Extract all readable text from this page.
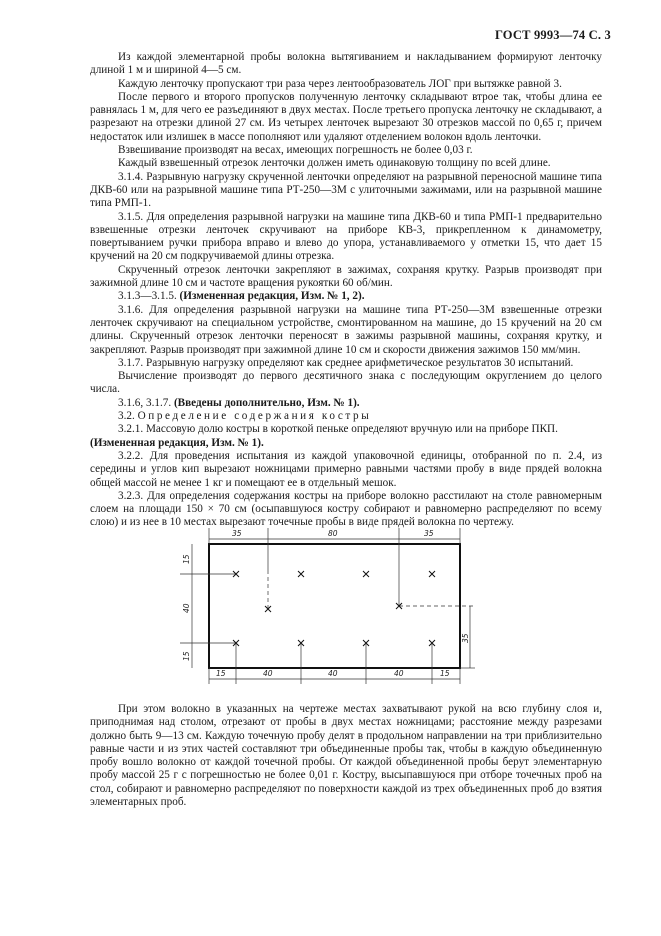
ГОСТ 9993—74 С. 3

Из каждой элементарной пробы волокна вытягиванием и накладыванием формируют ленточку длиной 1 м и шириной 4—5 см.

Каждую ленточку пропускают три раза через лентообразователь ЛОГ при вытяжке равной 3.

После первого и второго пропусков полученную ленточку складывают втрое так, чтобы длина ее равнялась 1 м, для чего ее разъединяют в двух местах. После третьего пропуска ленточку не складывают, а разрезают на отрезки длиной 27 см. Из четырех ленточек вырезают 30 отрезков массой по 0,65 г, причем недостаток или излишек в массе пополняют или удаляют отделением волокон вдоль ленточки.

Взвешивание производят на весах, имеющих погрешность не более 0,03 г.

Каждый взвешенный отрезок ленточки должен иметь одинаковую толщину по всей длине.

3.1.4. Разрывную нагрузку скрученной ленточки определяют на разрывной переносной машине типа ДКВ-60 или на разрывной машине типа РТ-250—3М с улиточными зажимами, или на разрывной машине типа РМП-1.

3.1.5. Для определения разрывной нагрузки на машине типа ДКВ-60 и типа РМП-1 предварительно взвешенные отрезки ленточек скручивают на приборе КВ-3, прикрепленном к динамометру, повертыванием ручки прибора вправо и влево до упора, устанавливаемого у отметки 15, что дает 15 кручений на 20 см подкручиваемой длины отрезка.

Скрученный отрезок ленточки закрепляют в зажимах, сохраняя крутку. Разрыв производят при зажимной длине 10 см и частоте вращения рукоятки 60 об/мин.

3.1.3—3.1.5. (Измененная редакция, Изм. № 1, 2).

3.1.6. Для определения разрывной нагрузки на машине типа РТ-250—3М взвешенные отрезки ленточек скручивают на специальном устройстве, смонтированном на машине, до 15 кручений на 20 см длины. Скрученный отрезок ленточки переносят в зажимы разрывной машины, сохраняя крутку, и закрепляют. Разрыв производят при зажимной длине 10 см и скорости движения зажимов 150 мм/мин.

3.1.7. Разрывную нагрузку определяют как среднее арифметическое результатов 30 испытаний.

Вычисление производят до первого десятичного знака с последующим округлением до целого числа.

3.1.6, 3.1.7. (Введены дополнительно, Изм. № 1).

3.2. Определение содержания костры

3.2.1. Массовую долю костры в короткой пеньке определяют вручную или на приборе ПКП.
(Измененная редакция, Изм. № 1).

3.2.2. Для проведения испытания из каждой упаковочной единицы, отобранной по п. 2.4, из середины и углов кип вырезают ножницами примерно равными частями пробу в виде прядей волокна общей массой не менее 1 кг и помещают ее в отдельный мешок.

3.2.3. Для определения содержания костры на приборе волокно расстилают на столе равномерным слоем на площади 150 × 70 см (осыпавшуюся костру собирают и равномерно распределяют по всему слою) и из нее в 10 местах вырезают точечные пробы в виде прядей волокна по чертежу.

35	80	35
15
40
15
35
15	40	40	40	15

При этом волокно в указанных на чертеже местах захватывают рукой на всю глубину слоя и, приподнимая над столом, отрезают от пробы в двух местах ножницами; расстояние между разрезами должно быть 9—13 см. Каждую точечную пробу делят в продольном направлении на три приблизительно равные части и из этих частей составляют три объединенные пробы так, чтобы в каждую объединенную пробу вошло волокно от каждой точечной пробы. От каждой объединенной пробы берут элементарную пробу массой 25 г с погрешностью не более 0,01 г. Костру, высыпавшуюся при отборе точечных проб на стол, собирают и равномерно распределяют по поверхности каждой из трех объединенных проб до взятия элементарных проб.
